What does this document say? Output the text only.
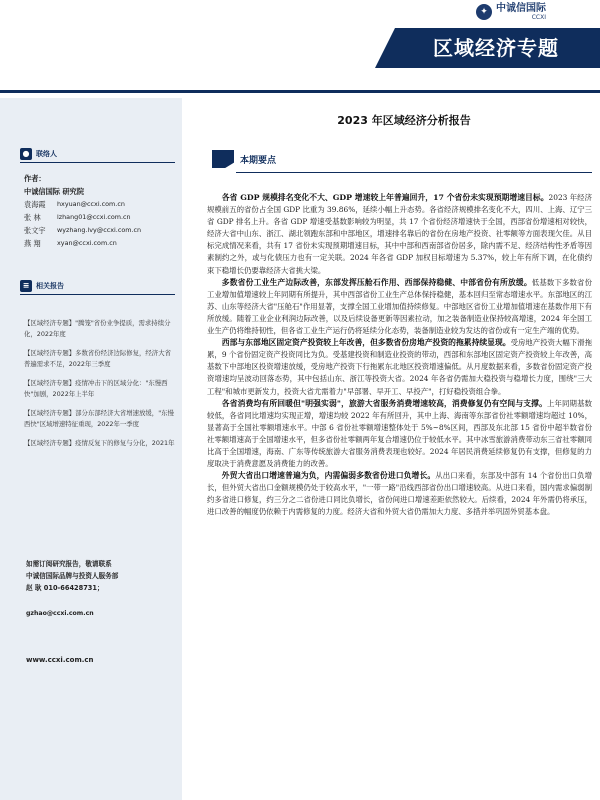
✦ 中诚信国际
CCXI
区域经济专题
● 联络人
≡ 相关报告
作者：
中诚信国际 研究院
袁海霞	hxyuan@ccxi.com.cn
张 林	lzhang01@ccxi.com.cn
张文宇	wyzhang.lvy@ccxi.com.cn
燕 翔	xyan@ccxi.com.cn
【区域经济专题】"腾笼"省份业争提质，需求持续分化，2022年度
【区域经济专题】多数省份经济边际修复，经济大省普遍需求不足，2022年三季度
【区域经济专题】疫情冲击下的区域分化："东慢西快"加剧，2022年上半年
【区域经济专题】部分东部经济大省增速放缓，"东慢西快"区域增速特征重现，2022年一季度
【区域经济专题】疫情反复下的修复与分化，2021年
如需订阅研究报告，敬请联系
中诚信国际品牌与投资人服务部
赵 耿 010-66428731；
gzhao@ccxi.com.cn
www.ccxi.com.cn
2023 年区域经济分析报告
本期要点

各省 GDP 规模排名变化不大、GDP 增速较上年普遍回升，17 个省份未实现预期增速目标。2023 年经济规模前五的省份占全国 GDP 比重为 39.86%，延续小幅上升态势。各省经济规模排名变化不大，四川、上海、辽宁三省 GDP 排名上升。各省 GDP 增速受基数影响较为明显，共 17 个省份经济增速快于全国，西部省份增速相对较快，经济大省中山东、浙江、湖北领跑东部和中部地区，增速排名靠后的省份在房地产投资、社零额等方面表现欠佳。从目标完成情况来看，共有 17 省份未实现预期增速目标，其中中部和西南部省份居多，除内需不足、经济结构性矛盾等因素制约之外，或与化债压力也有一定关联。2024 年各省 GDP 加权目标增速为 5.37%，较上年有所下调，在化债约束下稳增长仍要靠经济大省挑大梁。

多数省份工业生产边际改善，东部发挥压舱石作用、西部保持稳健、中部省份有所放缓。低基数下多数省份工业增加值增速较上年同期有所提升，其中西部省份工业生产总体保持稳健，基本回归至常态增速水平。东部地区的江苏、山东等经济大省"压舱石"作用显著，支撑全国工业增加值持续修复。中部地区省份工业增加值增速在基数作用下有所放缓。随着工业企业利润边际改善，以及后续设备更新等因素拉动，加之装备制造业保持较高增速，2024 年全国工业生产仍将维持韧性，但各省工业生产运行仍将延续分化态势，装备制造业较为发达的省份或有一定生产端的优势。

西部与东部地区固定资产投资较上年改善，但多数省份房地产投资的拖累持续显现。受房地产投资大幅下滑拖累，9 个省份固定资产投资同比为负。受基建投资和制造业投资的带动，西部和东部地区固定资产投资较上年改善，高基数下中部地区投资增速放缓，受房地产投资下行拖累东北地区投资增速偏低。从月度数据来看，多数省份固定资产投资增速均呈波动回落态势，其中包括山东、浙江等投资大省。2024 年各省仍需加大稳投资与稳增长力度，围绕"三大工程"和城市更新发力，投资大省尤需着力"早部署、早开工、早投产"，打好稳投资组合拳。

各省消费均有所回暖但"明强实弱"，旅游大省服务消费增速较高，消费修复仍有空间与支撑。上年同期基数较低，各省同比增速均实现正增，增速均较 2022 年有所回升，其中上海、海南等东部省份社零额增速均超过 10%，显著高于全国社零额增速水平。中部 6 省份社零额增速整体处于 5%~8%区间，西部及东北部 15 省份中超半数省份社零额增速高于全国增速水平，但多省份社零额两年复合增速仍位于较低水平。其中冰雪旅游消费带动东三省社零额同比高于全国增速，海南、广东等传统旅游大省服务消费表现也较好。2024 年居民消费延续修复仍有支撑，但修复的力度取决于消费意愿及消费能力的改善。

外贸大省出口增速普遍为负，内需偏弱多数省份进口负增长。从出口来看，东部及中部有 14 个省份出口负增长，但外贸大省出口金额规模仍处于较高水平，"一带一路"沿线西部省份出口增速较高。从进口来看，国内需求偏弱制约多省进口修复，约三分之二省份进口同比负增长，省份间进口增速差距依然较大。后续看，2024 年外需仍将承压，进口改善的幅度仍依赖于内需修复的力度。经济大省和外贸大省仍需加大力度、多措并举巩固外贸基本盘。
